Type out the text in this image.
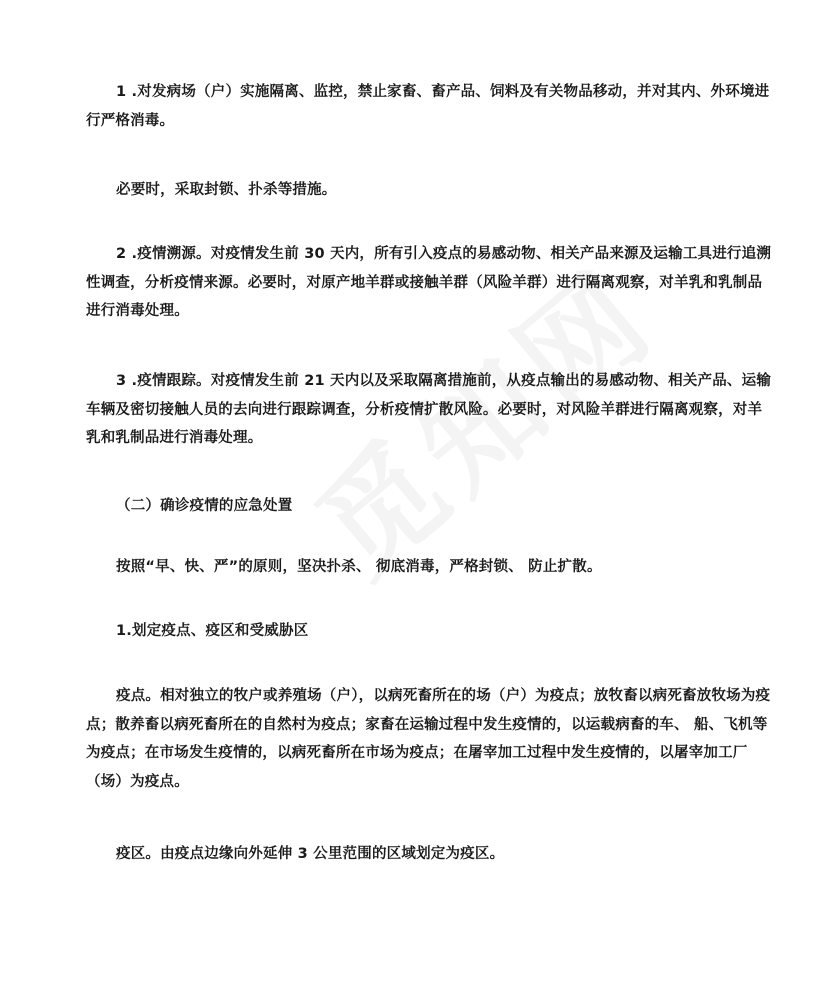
1 .对发病场（户）实施隔离、监控，禁止家畜、畜产品、饲料及有关物品移动，并对其内、外环境进行严格消毒。

必要时，采取封锁、扑杀等措施。

2 .疫情溯源。对疫情发生前 30 天内，所有引入疫点的易感动物、相关产品来源及运输工具进行追溯性调查，分析疫情来源。必要时，对原产地羊群或接触羊群（风险羊群）进行隔离观察，对羊乳和乳制品进行消毒处理。

3 .疫情跟踪。对疫情发生前 21 天内以及采取隔离措施前，从疫点输出的易感动物、相关产品、运输车辆及密切接触人员的去向进行跟踪调查，分析疫情扩散风险。必要时，对风险羊群进行隔离观察，对羊乳和乳制品进行消毒处理。

（二）确诊疫情的应急处置

按照“早、快、严”的原则，坚决扑杀、 彻底消毒，严格封锁、 防止扩散。

1.划定疫点、疫区和受威胁区

疫点。相对独立的牧户或养殖场（户），以病死畜所在的场（户）为疫点；放牧畜以病死畜放牧场为疫点；散养畜以病死畜所在的自然村为疫点；家畜在运输过程中发生疫情的，以运载病畜的车、 船、飞机等为疫点；在市场发生疫情的，以病死畜所在市场为疫点；在屠宰加工过程中发生疫情的，以屠宰加工厂（场）为疫点。

疫区。由疫点边缘向外延伸 3 公里范围的区域划定为疫区。
